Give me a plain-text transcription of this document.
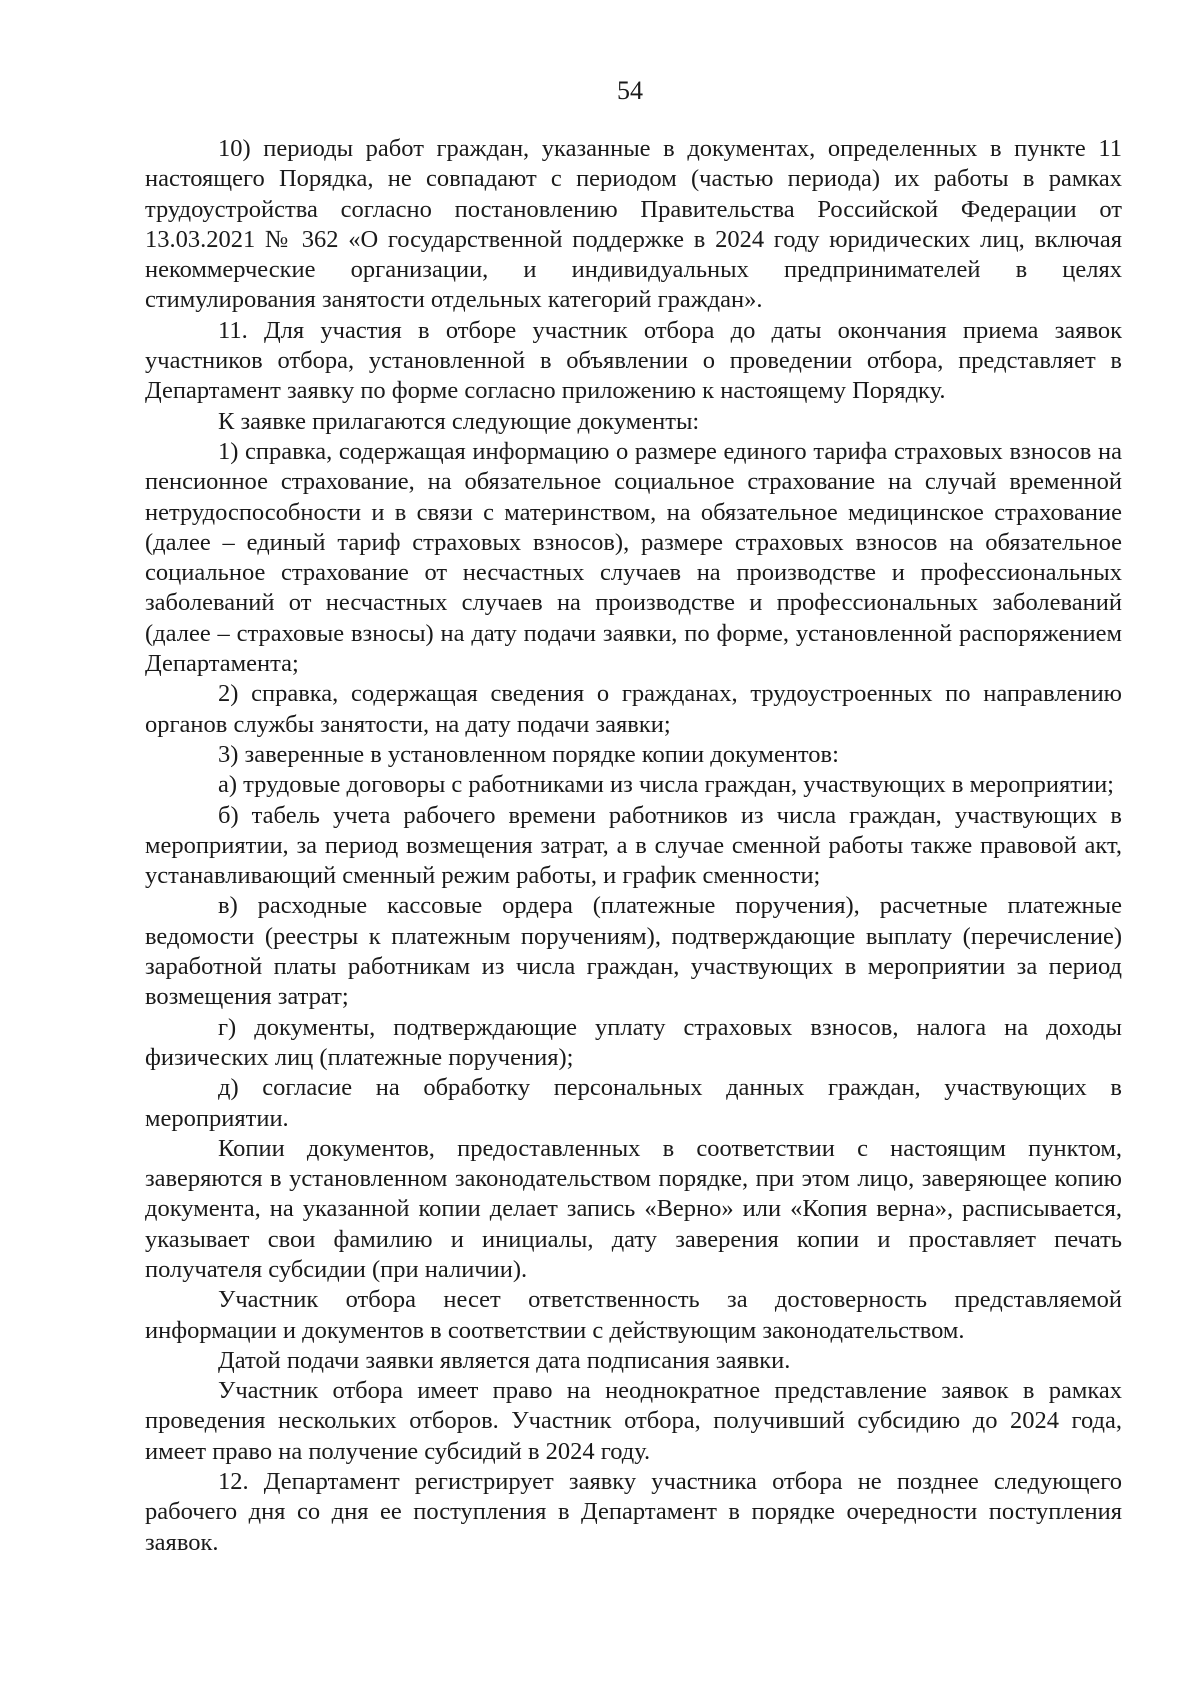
54

10) периоды работ граждан, указанные в документах, определенных в пункте 11 настоящего Порядка, не совпадают с периодом (частью периода) их работы в рамках трудоустройства согласно постановлению Правительства Российской Федерации от 13.03.2021 № 362 «О государственной поддержке в 2024 году юридических лиц, включая некоммерческие организации, и индивидуальных предпринимателей в целях стимулирования занятости отдельных категорий граждан».

11. Для участия в отборе участник отбора до даты окончания приема заявок участников отбора, установленной в объявлении о проведении отбора, представляет в Департамент заявку по форме согласно приложению к настоящему Порядку.

К заявке прилагаются следующие документы:

1) справка, содержащая информацию о размере единого тарифа страховых взносов на пенсионное страхование, на обязательное социальное страхование на случай временной нетрудоспособности и в связи с материнством, на обязательное медицинское страхование (далее – единый тариф страховых взносов), размере страховых взносов на обязательное социальное страхование от несчастных случаев на производстве и профессиональных заболеваний от несчастных случаев на производстве и профессиональных заболеваний (далее – страховые взносы) на дату подачи заявки, по форме, установленной распоряжением Департамента;

2) справка, содержащая сведения о гражданах, трудоустроенных по направлению органов службы занятости, на дату подачи заявки;

3) заверенные в установленном порядке копии документов:

а) трудовые договоры с работниками из числа граждан, участвующих в мероприятии;

б) табель учета рабочего времени работников из числа граждан, участвующих в мероприятии, за период возмещения затрат, а в случае сменной работы также правовой акт, устанавливающий сменный режим работы, и график сменности;

в) расходные кассовые ордера (платежные поручения), расчетные платежные ведомости (реестры к платежным поручениям), подтверждающие выплату (перечисление) заработной платы работникам из числа граждан, участвующих в мероприятии за период возмещения затрат;

г) документы, подтверждающие уплату страховых взносов, налога на доходы физических лиц (платежные поручения);

д) согласие на обработку персональных данных граждан, участвующих в мероприятии.

Копии документов, предоставленных в соответствии с настоящим пунктом, заверяются в установленном законодательством порядке, при этом лицо, заверяющее копию документа, на указанной копии делает запись «Верно» или «Копия верна», расписывается, указывает свои фамилию и инициалы, дату заверения копии и проставляет печать получателя субсидии (при наличии).

Участник отбора несет ответственность за достоверность представляемой информации и документов в соответствии с действующим законодательством.

Датой подачи заявки является дата подписания заявки.

Участник отбора имеет право на неоднократное представление заявок в рамках проведения нескольких отборов. Участник отбора, получивший субсидию до 2024 года, имеет право на получение субсидий в 2024 году.

12. Департамент регистрирует заявку участника отбора не позднее следующего рабочего дня со дня ее поступления в Департамент в порядке очередности поступления заявок.
